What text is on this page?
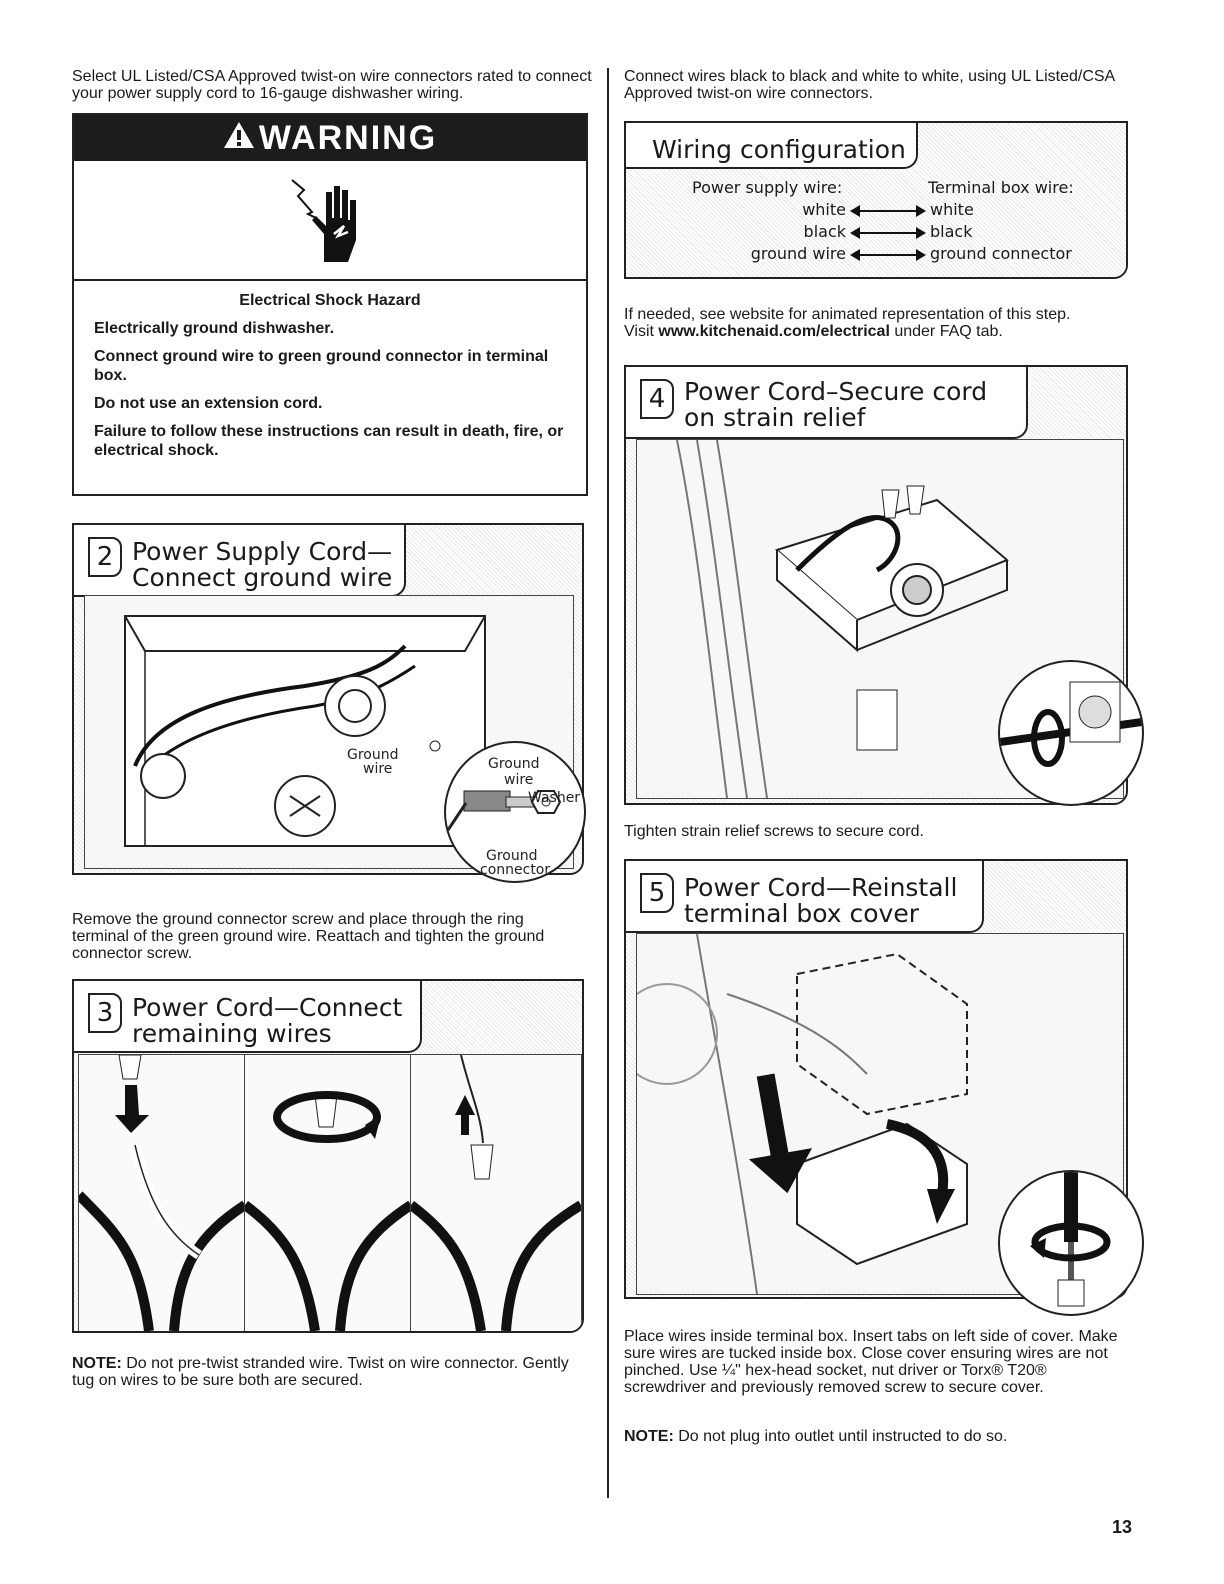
Select UL Listed/CSA Approved twist-on wire connectors rated to connect your power supply cord to 16-gauge dishwasher wiring.

WARNING
Electrical Shock Hazard
Electrically ground dishwasher.
Connect ground wire to green ground connector in terminal box.
Do not use an extension cord.
Failure to follow these instructions can result in death, fire, or electrical shock.
Ground
wire
2 Power Supply Cord—
Connect ground wire
Ground
wire
Washer
Ground
connector

Remove the ground connector screw and place through the ring terminal of the green ground wire. Reattach and tighten the ground connector screw.

3 Power Cord—Connect
remaining wires

NOTE: Do not pre-twist stranded wire. Twist on wire connector. Gently tug on wires to be sure both are secured.

Connect wires black to black and white to white, using UL Listed/CSA Approved twist-on wire connectors.

Wiring configuration
Power supply wire:	Terminal box wire:
white	white
black	black
ground wire	ground connector

If needed, see website for animated representation of this step.
Visit www.kitchenaid.com/electrical under FAQ tab.

4 Power Cord–Secure cord
on strain relief

Tighten strain relief screws to secure cord.

5 Power Cord—Reinstall
terminal box cover
Place wires inside terminal box. Insert tabs on left side of cover. Make sure wires are tucked inside box. Close cover ensuring wires are not pinched. Use ¼" hex-head socket, nut driver or Torx® T20® screwdriver and previously removed screw to secure cover.

NOTE: Do not plug into outlet until instructed to do so.

13
